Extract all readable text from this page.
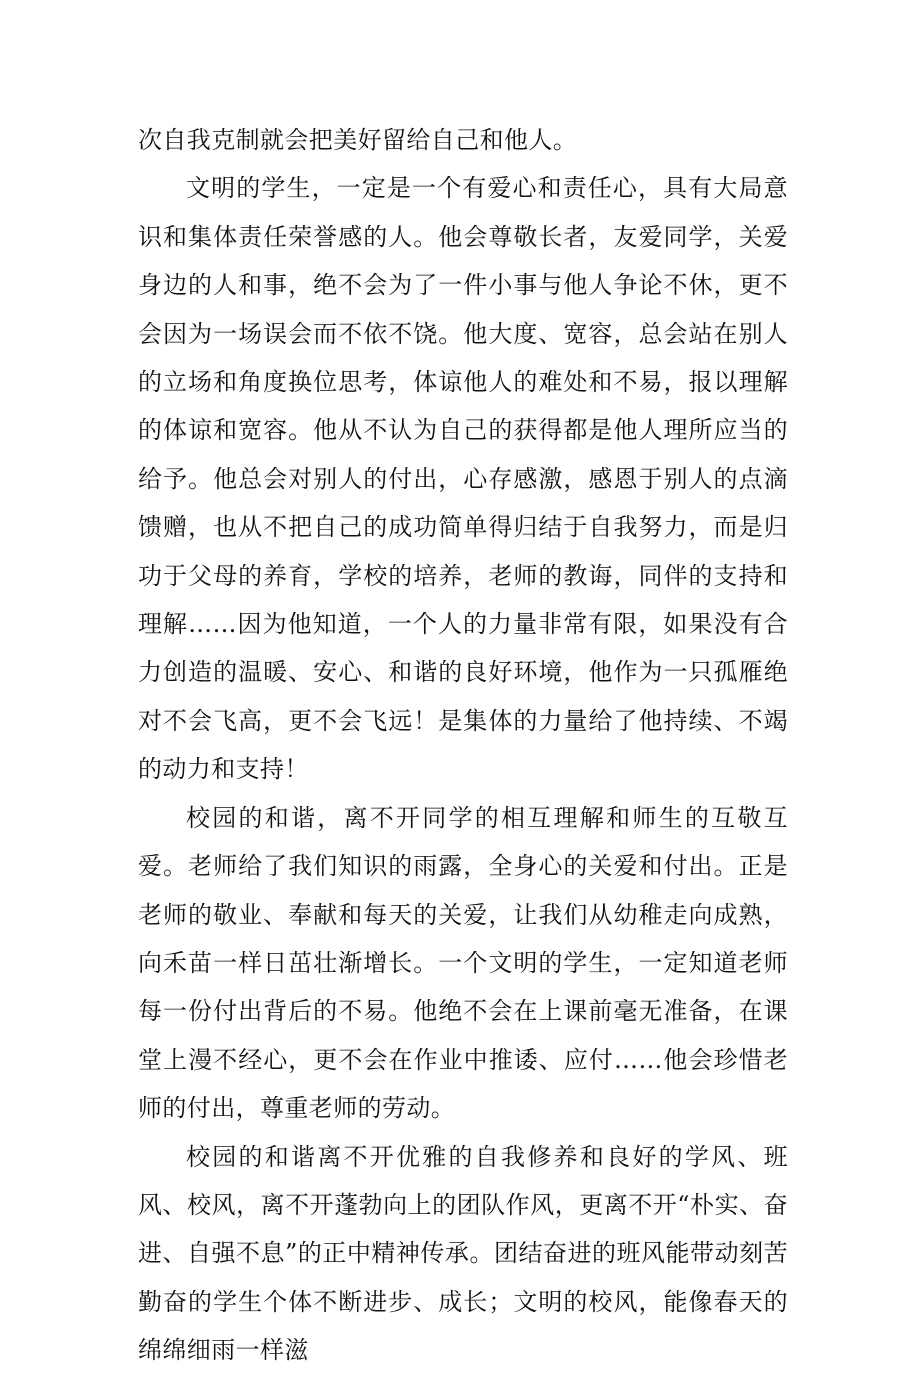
次自我克制就会把美好留给自己和他人。

文明的学生，一定是一个有爱心和责任心，具有大局意识和集体责任荣誉感的人。他会尊敬长者，友爱同学，关爱身边的人和事，绝不会为了一件小事与他人争论不休，更不会因为一场误会而不依不饶。他大度、宽容，总会站在别人的立场和角度换位思考，体谅他人的难处和不易，报以理解的体谅和宽容。他从不认为自己的获得都是他人理所应当的给予。他总会对别人的付出，心存感激，感恩于别人的点滴馈赠，也从不把自己的成功简单得归结于自我努力，而是归功于父母的养育，学校的培养，老师的教诲，同伴的支持和理解……因为他知道，一个人的力量非常有限，如果没有合力创造的温暖、安心、和谐的良好环境，他作为一只孤雁绝对不会飞高，更不会飞远！是集体的力量给了他持续、不竭的动力和支持！

校园的和谐，离不开同学的相互理解和师生的互敬互爱。老师给了我们知识的雨露，全身心的关爱和付出。正是老师的敬业、奉献和每天的关爱，让我们从幼稚走向成熟，向禾苗一样日茁壮渐增长。一个文明的学生，一定知道老师每一份付出背后的不易。他绝不会在上课前毫无准备，在课堂上漫不经心，更不会在作业中推诿、应付……他会珍惜老师的付出，尊重老师的劳动。

校园的和谐离不开优雅的自我修养和良好的学风、班风、校风，离不开蓬勃向上的团队作风，更离不开“朴实、奋进、自强不息”的正中精神传承。团结奋进的班风能带动刻苦勤奋的学生个体不断进步、成长；文明的校风，能像春天的绵绵细雨一样滋
